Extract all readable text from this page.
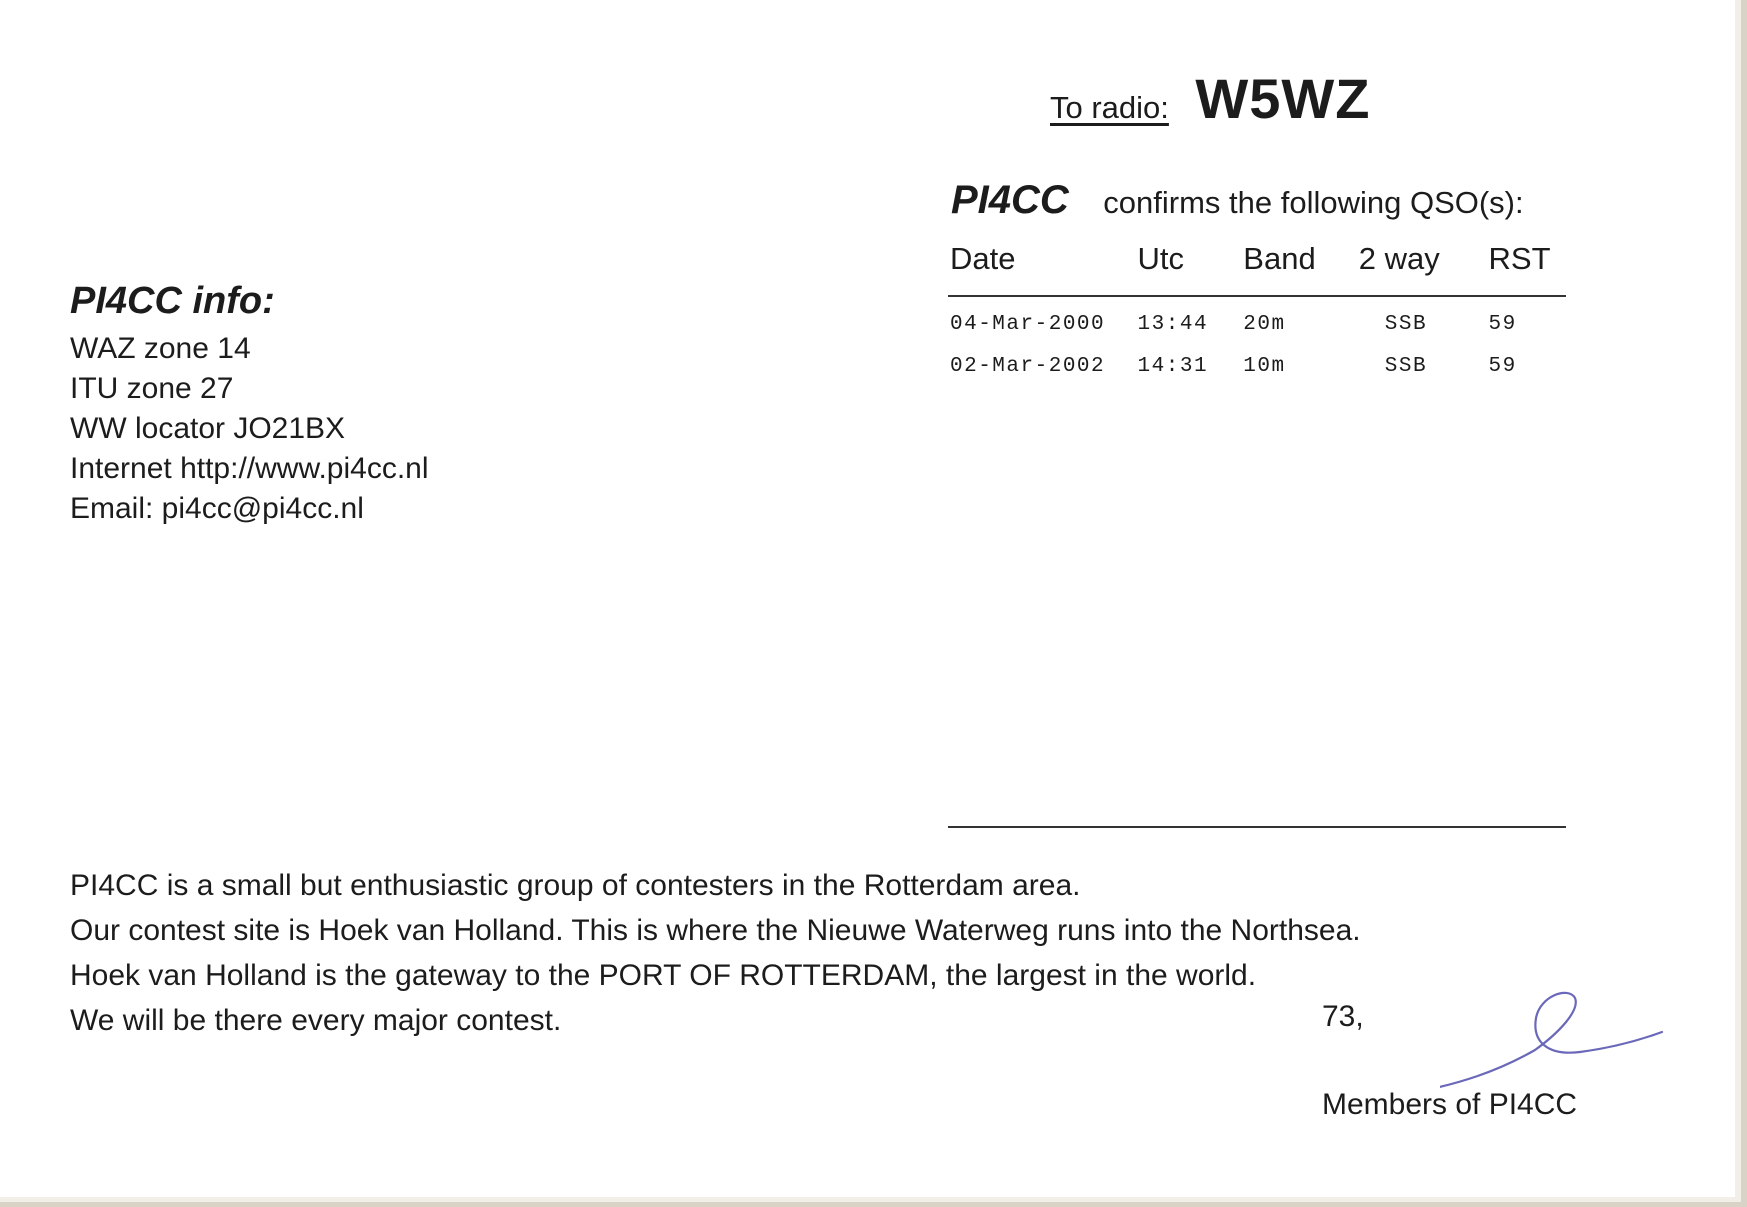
To radio: W5WZ
PI4CC confirms the following QSO(s):
Date	Utc	Band	2 way	RST
04-Mar-2000	13:44	20m	SSB	59
02-Mar-2002	14:31	10m	SSB	59
PI4CC info:
WAZ zone 14
ITU zone 27
WW locator JO21BX
Internet http://www.pi4cc.nl
Email: pi4cc@pi4cc.nl
PI4CC is a small but enthusiastic group of contesters in the Rotterdam area.
Our contest site is Hoek van Holland. This is where the Nieuwe Waterweg runs into the Northsea.
Hoek van Holland is the gateway to the PORT OF ROTTERDAM, the largest in the world.
We will be there every major contest.	73,
Members of PI4CC
